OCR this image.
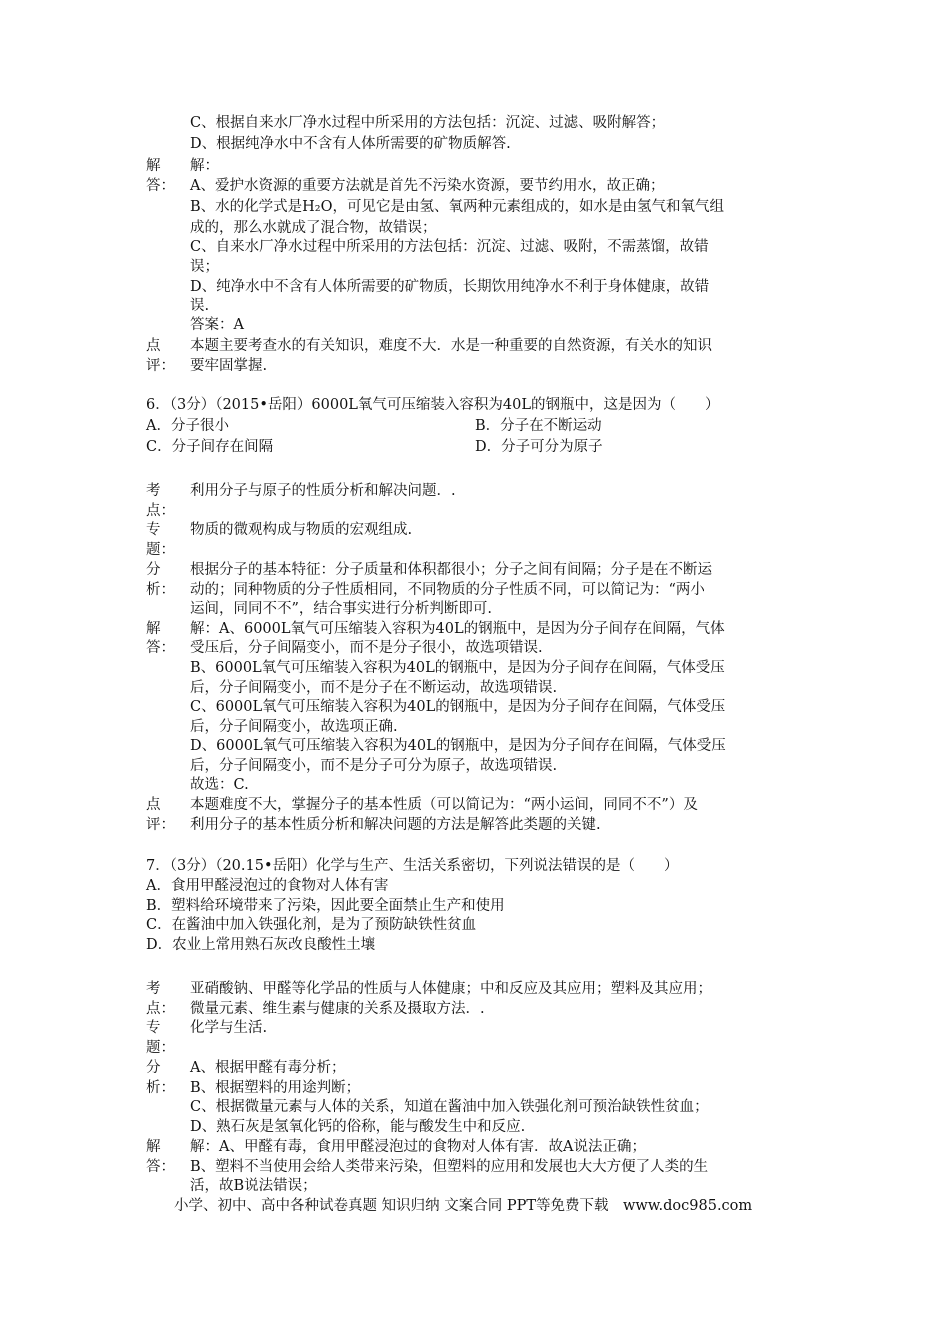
C、根据自来水厂净水过程中所采用的方法包括：沉淀、过滤、吸附解答；
D、根据纯净水中不含有人体所需要的矿物质解答.
解 解：
答： A、爱护水资源的重要方法就是首先不污染水资源，要节约用水，故正确；
B、水的化学式是H₂O，可见它是由氢、氧两种元素组成的，如水是由氢气和氧气组
成的，那么水就成了混合物，故错误；
C、自来水厂净水过程中所采用的方法包括：沉淀、过滤、吸附，不需蒸馏，故错
误；
D、纯净水中不含有人体所需要的矿物质，长期饮用纯净水不利于身体健康，故错
误.
答案：A
点 本题主要考查水的有关知识，难度不大．水是一种重要的自然资源，有关水的知识
评： 要牢固掌握.
6．（3分）（2015•岳阳）6000L氧气可压缩装入容积为40L的钢瓶中，这是因为（　　）
A．分子很小	B．分子在不断运动
C．分子间存在间隔	D．分子可分为原子
考 利用分子与原子的性质分析和解决问题．.
点：
专 物质的微观构成与物质的宏观组成.
题：
分 根据分子的基本特征：分子质量和体积都很小；分子之间有间隔；分子是在不断运
析： 动的；同种物质的分子性质相同，不同物质的分子性质不同，可以简记为：“两小
运间，同同不不”，结合事实进行分析判断即可.
解 解：A、6000L氧气可压缩装入容积为40L的钢瓶中，是因为分子间存在间隔，气体
答： 受压后，分子间隔变小，而不是分子很小，故选项错误.
B、6000L氧气可压缩装入容积为40L的钢瓶中，是因为分子间存在间隔，气体受压
后，分子间隔变小，而不是分子在不断运动，故选项错误.
C、6000L氧气可压缩装入容积为40L的钢瓶中，是因为分子间存在间隔，气体受压
后，分子间隔变小，故选项正确.
D、6000L氧气可压缩装入容积为40L的钢瓶中，是因为分子间存在间隔，气体受压
后，分子间隔变小，而不是分子可分为原子，故选项错误.
故选：C.
点 本题难度不大，掌握分子的基本性质（可以简记为：“两小运间，同同不不”）及
评： 利用分子的基本性质分析和解决问题的方法是解答此类题的关键.
7．（3分）（20.15•岳阳）化学与生产、生活关系密切，下列说法错误的是（　　）
A．食用甲醛浸泡过的食物对人体有害
B．塑料给环境带来了污染，因此要全面禁止生产和使用
C．在酱油中加入铁强化剂，是为了预防缺铁性贫血
D．农业上常用熟石灰改良酸性土壤
考 亚硝酸钠、甲醛等化学品的性质与人体健康；中和反应及其应用；塑料及其应用；
点： 微量元素、维生素与健康的关系及摄取方法．.
专 化学与生活.
题：
分 A、根据甲醛有毒分析；
析： B、根据塑料的用途判断；
C、根据微量元素与人体的关系，知道在酱油中加入铁强化剂可预治缺铁性贫血；
D、熟石灰是氢氧化钙的俗称，能与酸发生中和反应.
解 解：A、甲醛有毒，食用甲醛浸泡过的食物对人体有害．故A说法正确；
答： B、塑料不当使用会给人类带来污染，但塑料的应用和发展也大大方便了人类的生
活，故B说法错误；
小学、初中、高中各种试卷真题 知识归纳 文案合同 PPT等免费下载　www.doc985.com
